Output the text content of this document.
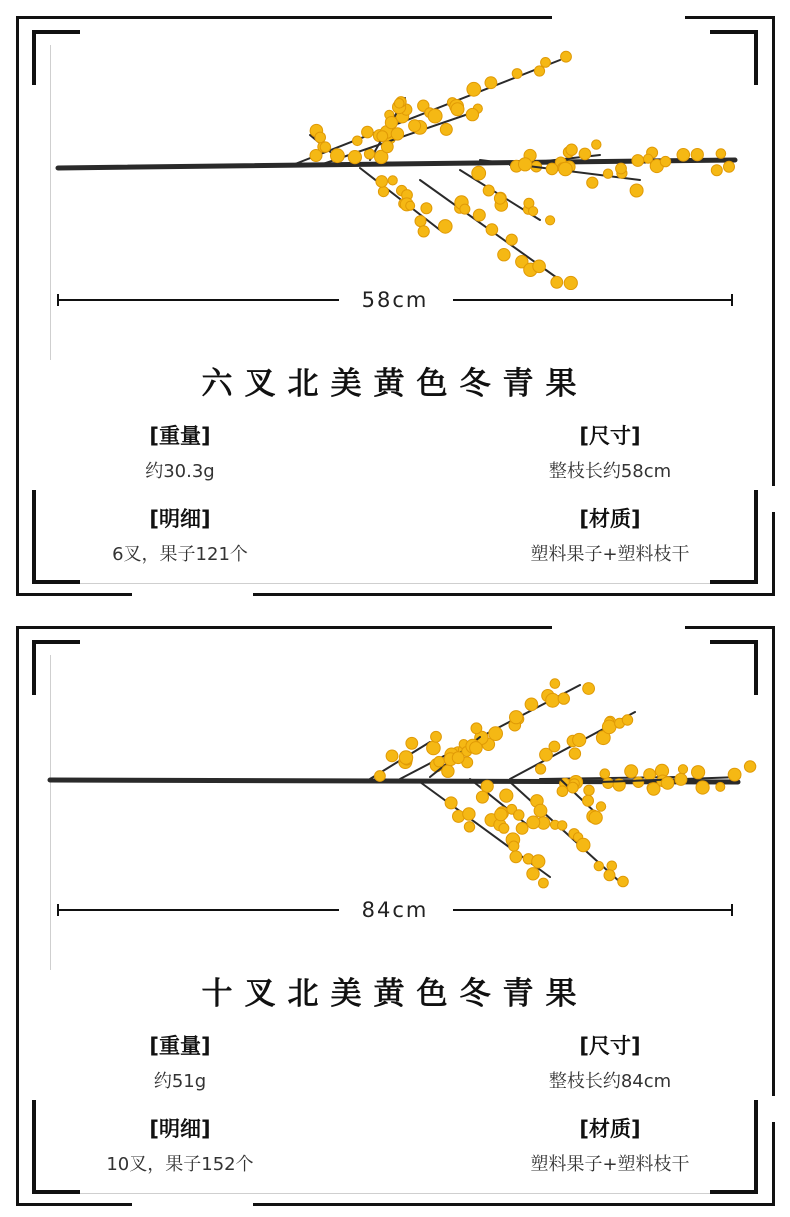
58cm
六叉北美黄色冬青果
[重量]
约30.3g
[尺寸]
整枝长约58cm
[明细]
6叉，果子121个
[材质]
塑料果子+塑料枝干
84cm
十叉北美黄色冬青果
[重量]
约51g
[尺寸]
整枝长约84cm
[明细]
10叉，果子152个
[材质]
塑料果子+塑料枝干
